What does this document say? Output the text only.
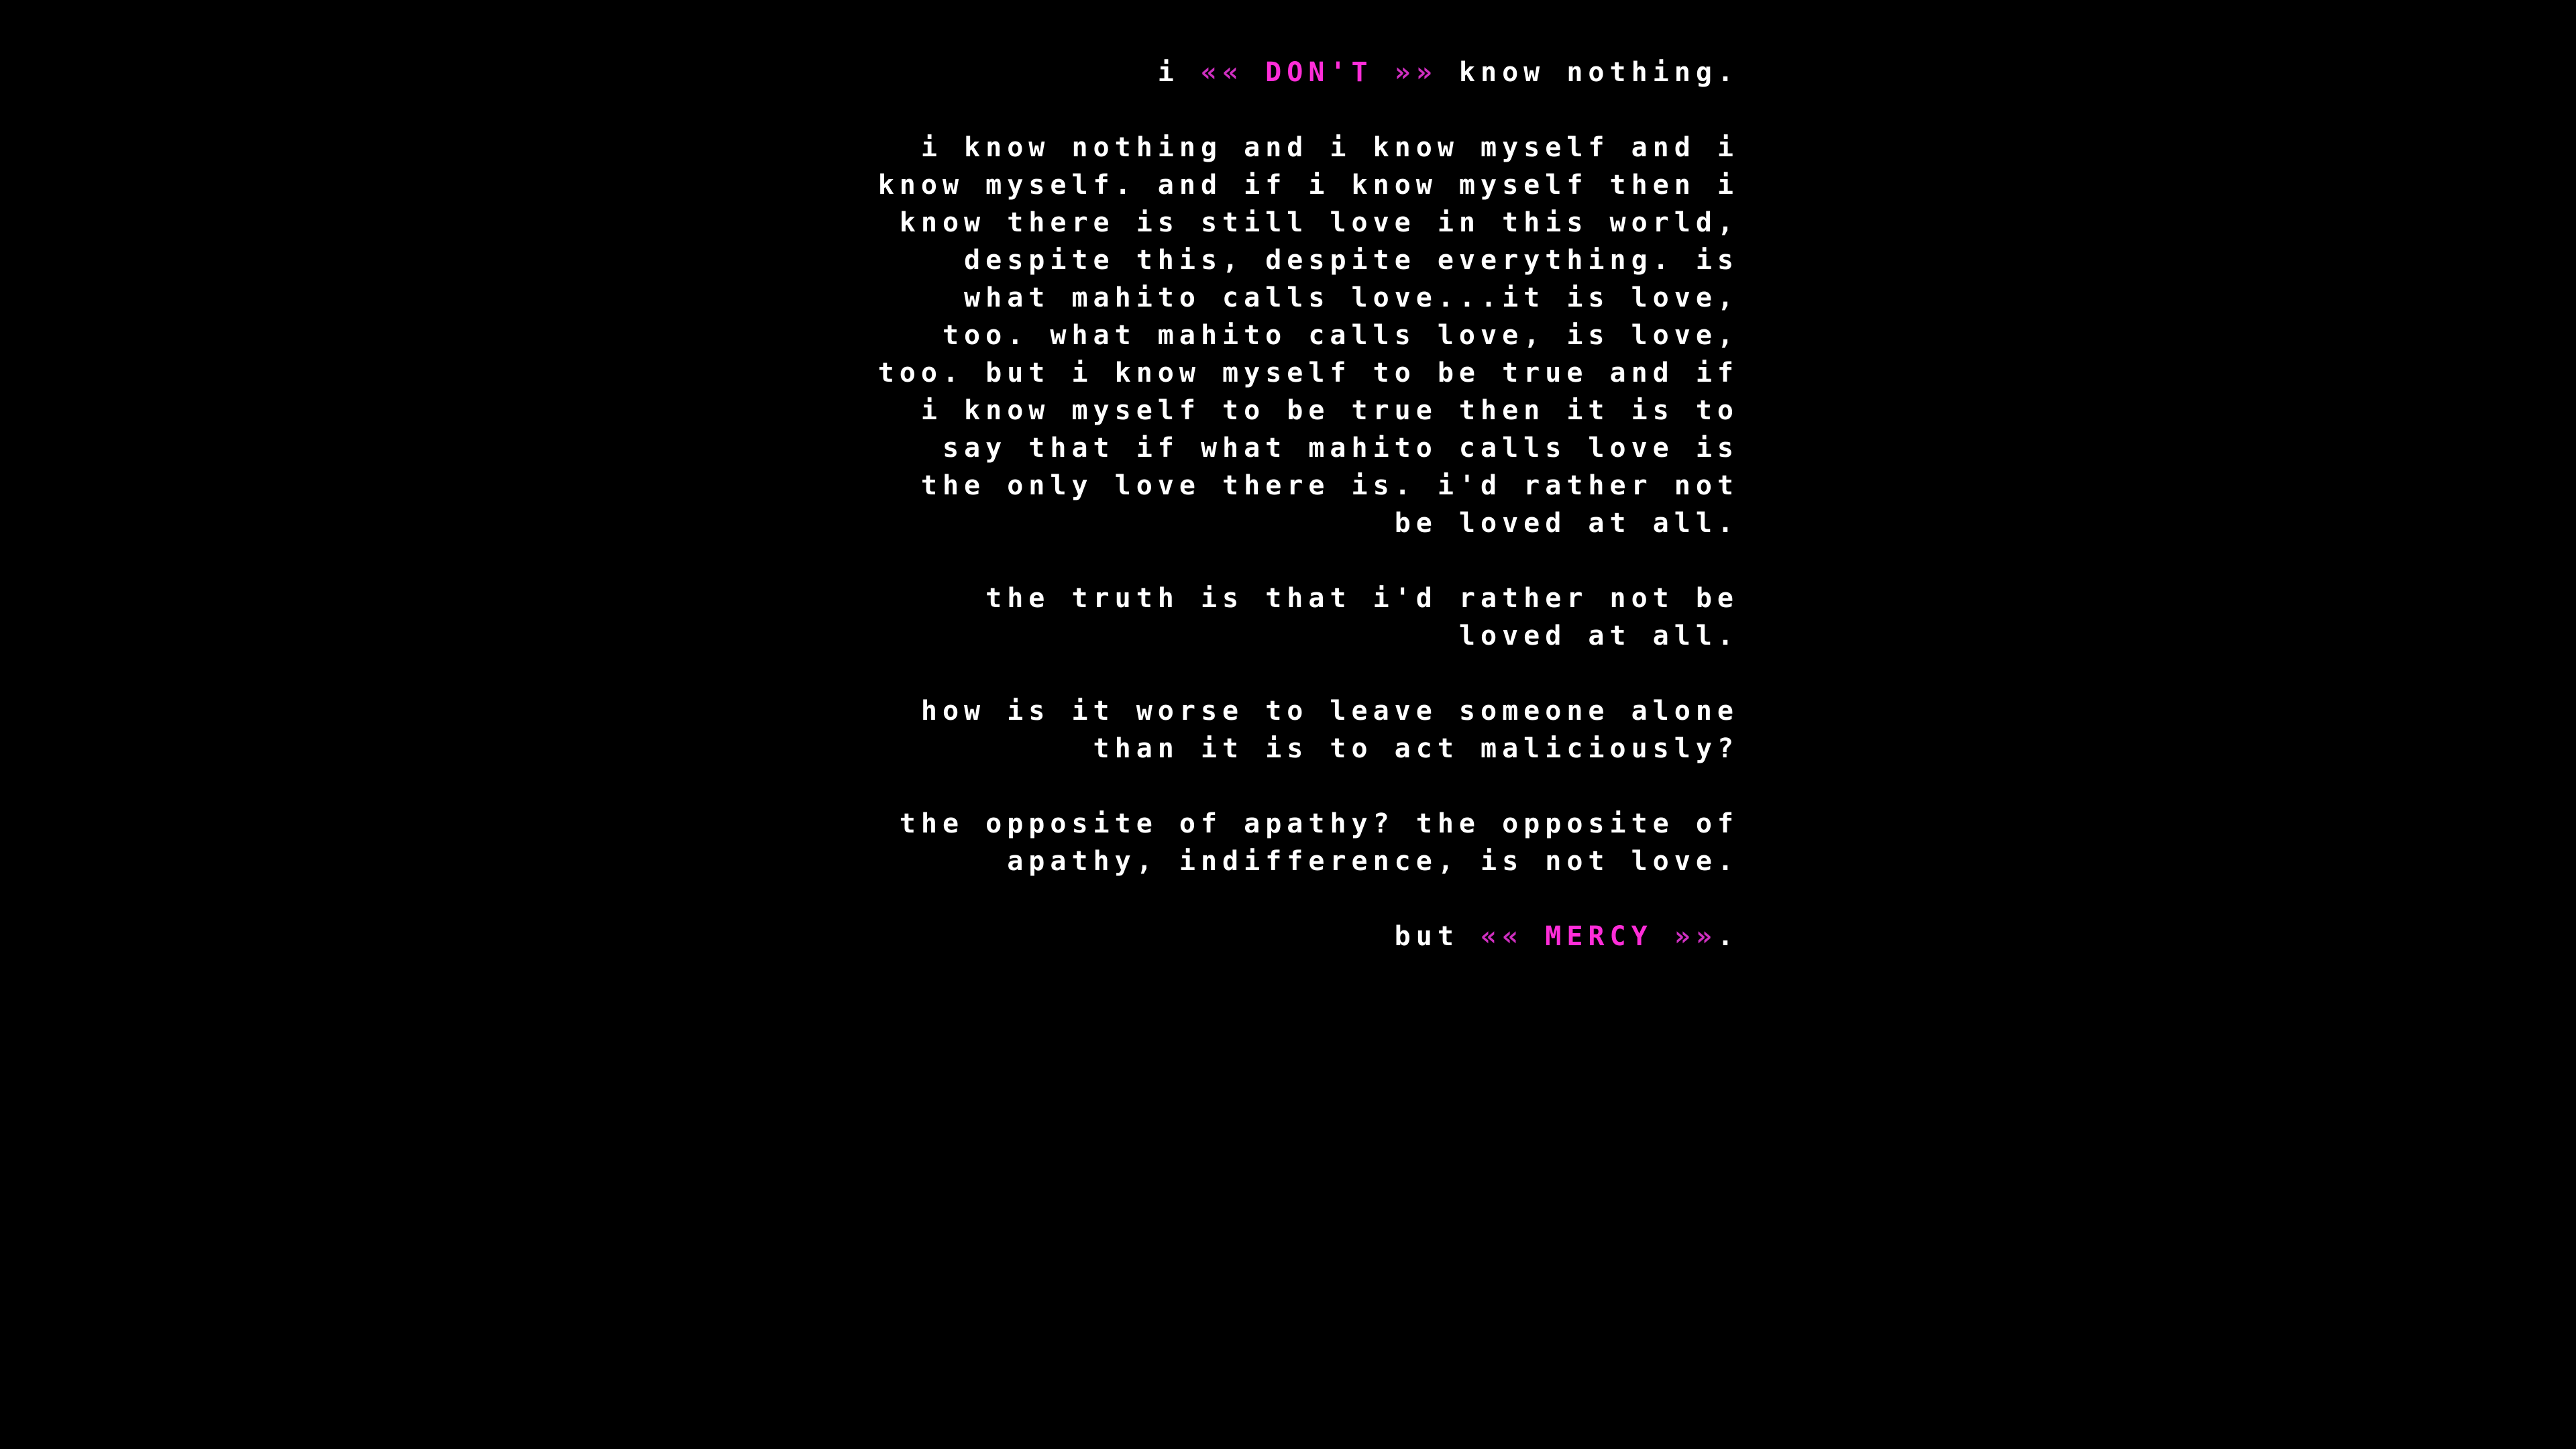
i «« DON'T »» know nothing.

i know nothing and i know myself and i
know myself. and if i know myself then i
know there is still love in this world,
despite this, despite everything. is
what mahito calls love...it is love,
too. what mahito calls love, is love,
too. but i know myself to be true and if
i know myself to be true then it is to
say that if what mahito calls love is
the only love there is. i'd rather not
be loved at all.

the truth is that i'd rather not be
loved at all.

how is it worse to leave someone alone
than it is to act maliciously?

the opposite of apathy? the opposite of
apathy, indifference, is not love.

but «« MERCY »».
